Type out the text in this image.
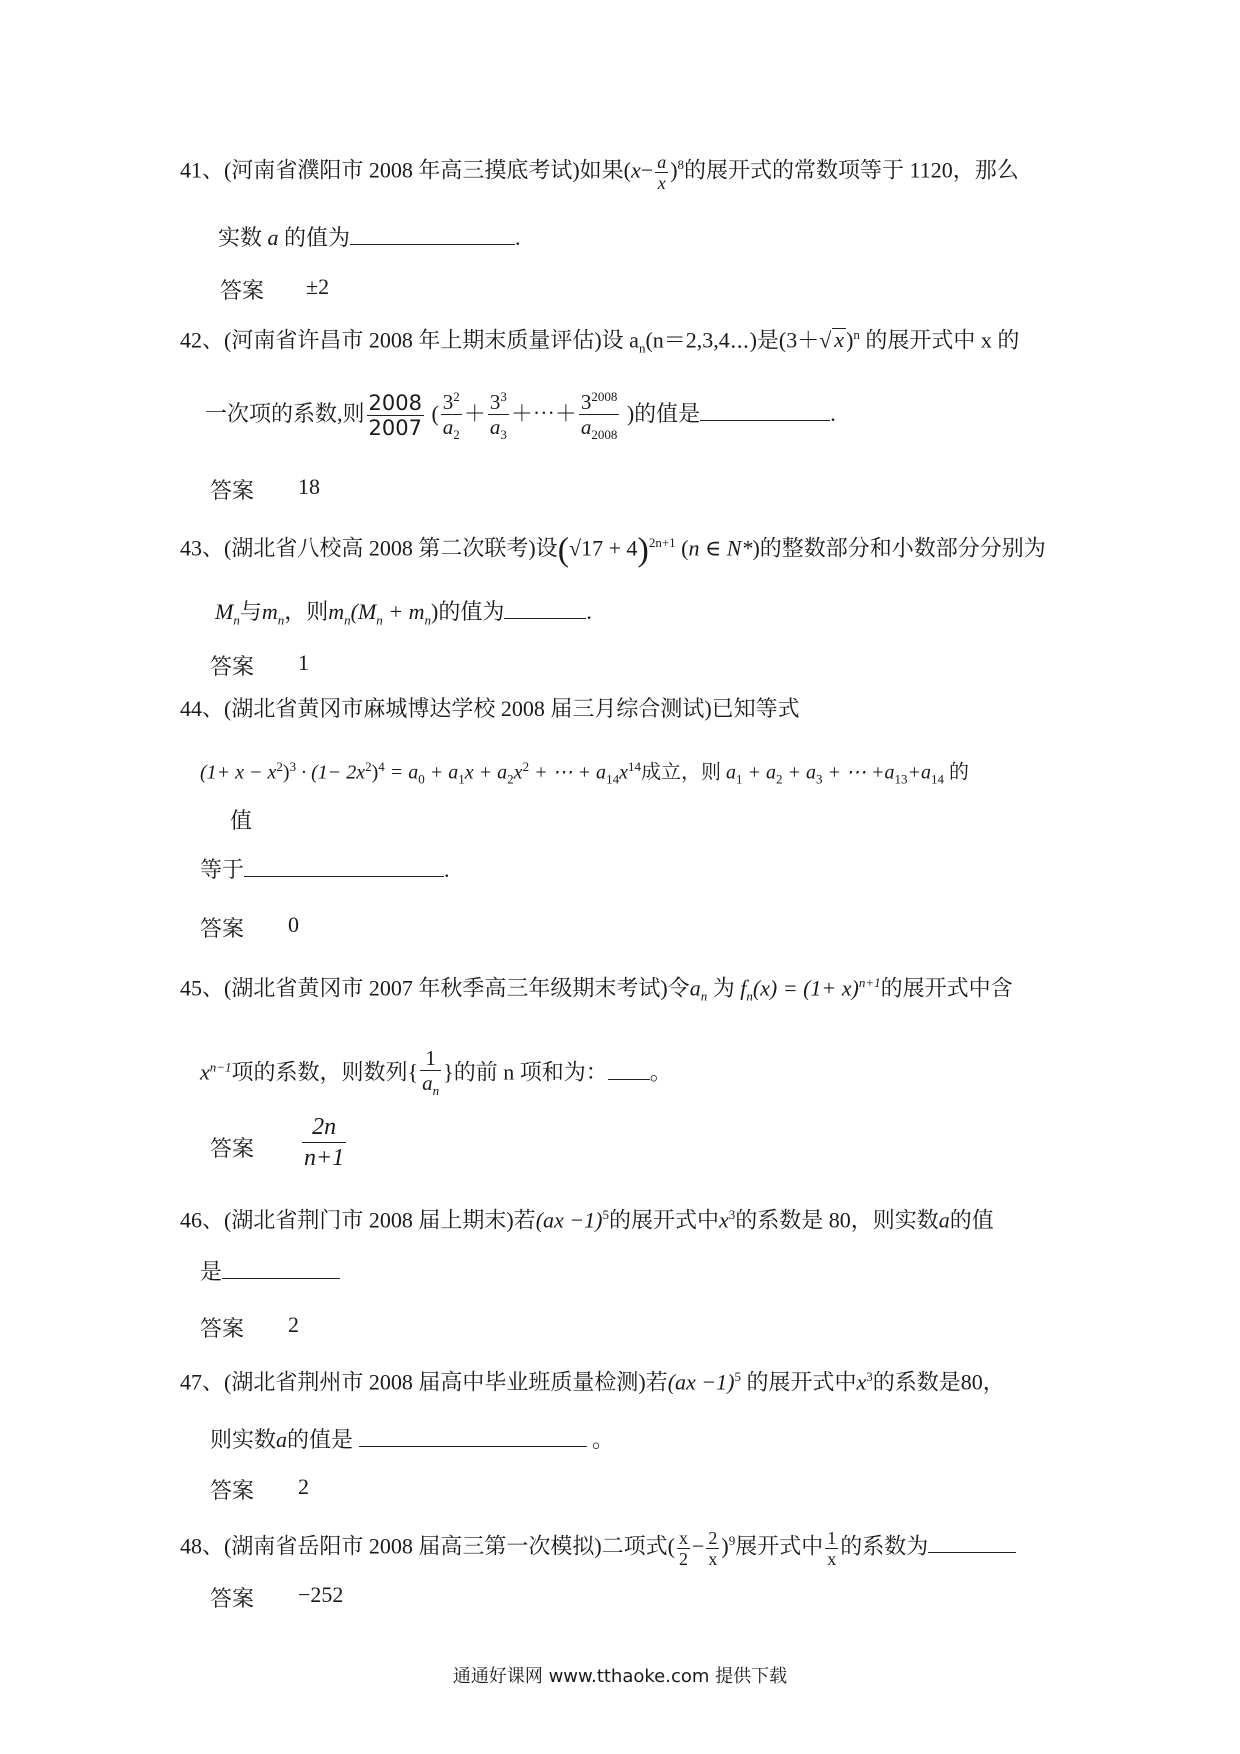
41、(河南省濮阳市 2008 年高三摸底考试)如果$(x- \frac{a}{x} )^8$的展开式的常数项等于 1120，那么
实数 a 的值为	.
答案 ±2
42、(河南省许昌市 2008 年上期末质量评估)设 $a_n(n=2,3,4\cdots)$是(3＋√ x)$^n$ 的展开式中 x 的
一次项的系数,则 $\frac{2008}{2007}$ ( $\frac{3^2}{a_2} + \frac{3^3}{a_3}$ ＋⋯＋ $\frac{3^{2008}}{a_{2008}}$ )的值是	.
答案 18
43、(湖北省八校高 2008 第二次联考)设$(√17 + 4)^{2n+1}$ (n ∈ N*)的整数部分和小数部分分别为
$M_n$与$m_n$，则$m_n(M_n + m_n)$的值为	.
答案 1
44、(湖北省黄冈市麻城博达学校 2008 届三月综合测试)已知等式
$(1+ x - x^2)^3 \cdot (1- 2x^2)^4 = a_0 + a_1x + a_2x^2$ + ⋯ + $a_{14}x^{14}$成立，则 $a_1 + a_2 + a_3$ + ⋯ $+a_{13}+a_{14}$ 的
值
等于	.
答案 0
45、(湖北省黄冈市 2007 年秋季高三年级期末考试)令$a_n$ 为 $f_n(x) = (1+ x)^{n+1}$的展开式中含
$x^{n-1}$项的系数，则数列{ $\frac{1}{a_n}$ }的前 n 项和为： 。
答案 $\frac{2n}{n+1}$
46、(湖北省荆门市 2008 届上期末)若(ax −1)$^5$的展开式中$x^3$的系数是 80，则实数a的值
是
答案 2
47、(湖北省荆州市 2008 届高中毕业班质量检测)若(ax −1)$^5$ 的展开式中$x^3$的系数是80，
则实数a的值是	。
答案 2
48、(湖南省岳阳市 2008 届高三第一次模拟)二项式( $\frac{x}{2} - \frac{2}{x} )^9$展开式中 $\frac{1}{x}$ 的系数为
答案 −252
通通好课网 www.tthaoke.com 提供下载
